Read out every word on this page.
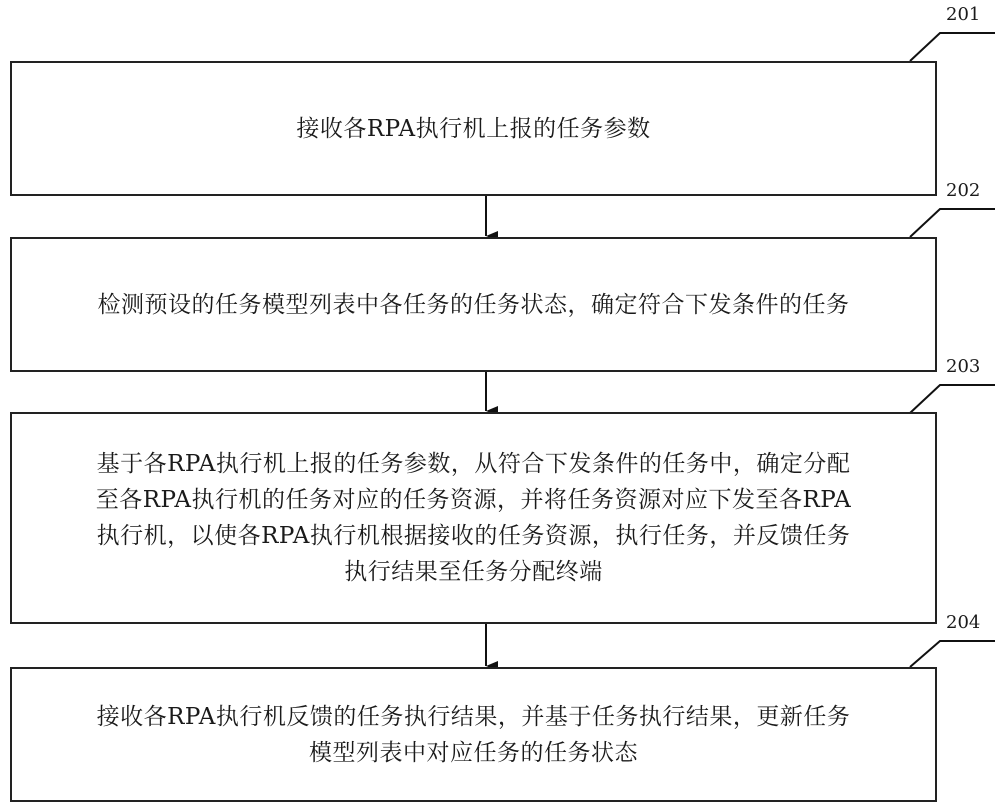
201
接收各RPA执行机上报的任务参数
202
检测预设的任务模型列表中各任务的任务状态，确定符合下发条件的任务
203
基于各RPA执行机上报的任务参数，从符合下发条件的任务中，确定分配
至各RPA执行机的任务对应的任务资源，并将任务资源对应下发至各RPA
执行机，以使各RPA执行机根据接收的任务资源，执行任务，并反馈任务
执行结果至任务分配终端
204
接收各RPA执行机反馈的任务执行结果，并基于任务执行结果，更新任务
模型列表中对应任务的任务状态
